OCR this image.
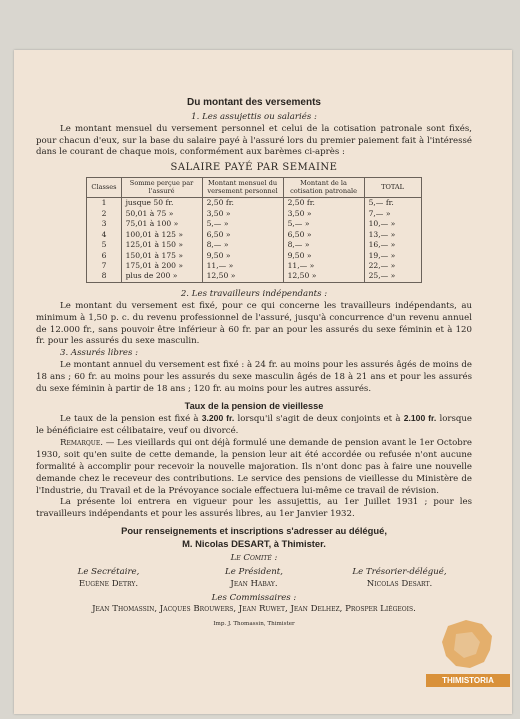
Du montant des versements
1. Les assujettis ou salariés :

Le montant mensuel du versement personnel et celui de la cotisation patronale sont fixés, pour chacun d'eux, sur la base du salaire payé à l'assuré lors du premier paiement fait à l'intéressé dans le courant de chaque mois, conformément aux barèmes ci-après :

SALAIRE PAYÉ PAR SEMAINE
Classes	Somme perçue par l'assuré	Montant mensuel du versement personnel	Montant de la cotisation patronale	TOTAL
1	jusque 50 fr.	2,50 fr.	2,50 fr.	5,— fr.
2	50,01 à 75 »	3,50 »	3,50 »	7,— »
3	75,01 à 100 »	5,— »	5,— »	10,— »
4	100,01 à 125 »	6,50 »	6,50 »	13,— »
5	125,01 à 150 »	8,— »	8,— »	16,— »
6	150,01 à 175 »	9,50 »	9,50 »	19,— »
7	175,01 à 200 »	11,— »	11,— »	22,— »
8	plus de 200 »	12,50 »	12,50 »	25,— »
2. Les travailleurs indépendants :

Le montant du versement est fixé, pour ce qui concerne les travailleurs indépendants, au minimum à 1,50 p. c. du revenu professionnel de l'assuré, jusqu'à concurrence d'un revenu annuel de 12.000 fr., sans pouvoir être inférieur à 60 fr. par an pour les assurés du sexe féminin et à 120 fr. pour les assurés du sexe masculin.

3. Assurés libres :

Le montant annuel du versement est fixé : à 24 fr. au moins pour les assurés âgés de moins de 18 ans ; 60 fr. au moins pour les assurés du sexe masculin âgés de 18 à 21 ans et pour les assurés du sexe féminin à partir de 18 ans ; 120 fr. au moins pour les autres assurés.

Taux de la pension de vieillesse

Le taux de la pension est fixé à 3.200 fr. lorsqu'il s'agit de deux conjoints et à 2.100 fr. lorsque le bénéficiaire est célibataire, veuf ou divorcé.

Remarque. — Les vieillards qui ont déjà formulé une demande de pension avant le 1er Octobre 1930, soit qu'en suite de cette demande, la pension leur ait été accordée ou refusée n'ont aucune formalité à accomplir pour recevoir la nouvelle majoration. Ils n'ont donc pas à faire une nouvelle demande chez le receveur des contributions. Le service des pensions de vieillesse du Ministère de l'Industrie, du Travail et de la Prévoyance sociale effectuera lui-même ce travail de révision.

La présente loi entrera en vigueur pour les assujettis, au 1er Juillet 1931 ; pour les travailleurs indépendants et pour les assurés libres, au 1er Janvier 1932.

Pour renseignements et inscriptions s'adresser au délégué,
M. Nicolas DESART, à Thimister.
Le Comité :
Le Secrétaire,
Eugène Detry.
Le Président,
Jean Habay.
Le Trésorier-délégué,
Nicolas Desart.
Les Commissaires :
Jean Thomassin, Jacques Brouwers, Jean Ruwet, Jean Delhez, Prosper Liégeois.
Imp. J. Thomassin, Thimister
THIMISTORIA
